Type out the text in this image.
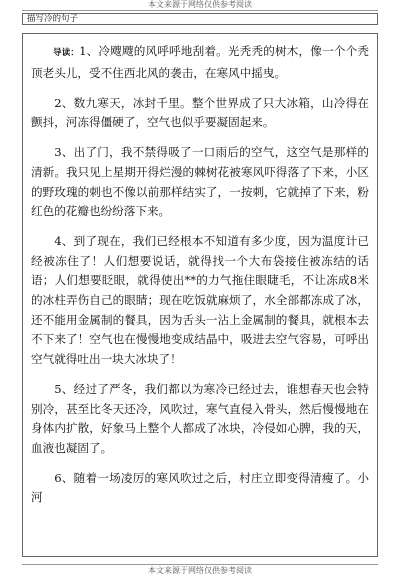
本文来源于网络仅供参考阅读
描写冷的句子

导读：1、冷飕飕的风呼呼地刮着。光秃秃的树木，像一个个秃顶老头儿，受不住西北风的袭击，在寒风中摇曳。

2、数九寒天，冰封千里。整个世界成了只大冰箱，山冷得在颤抖，河冻得僵硬了，空气也似乎要凝固起来。

3、出了门，我不禁得吸了一口雨后的空气，这空气是那样的清新。我只见上星期开得烂漫的棘树花被寒风吓得落了下来，小区的野玫瑰的刺也不像以前那样结实了，一按刺，它就掉了下来，粉红色的花瓣也纷纷落下来。

4、到了现在，我们已经根本不知道有多少度，因为温度计已经被冻住了！人们想要说话，就得找一个大布袋接住被冻结的话语；人们想要眨眼，就得使出**的力气拖住眼睫毛，不让冻成8米的冰柱弄伤自己的眼睛；现在吃饭就麻烦了，水全部都冻成了冰，还不能用金属制的餐具，因为舌头一沾上金属制的餐具，就根本去不下来了！空气也在慢慢地变成结晶中，吸进去空气容易，可呼出空气就得吐出一块大冰块了！

5、经过了严冬，我们都以为寒冷已经过去，谁想春天也会特别冷，甚至比冬天还冷，风吹过，寒气直侵入骨头，然后慢慢地在身体内扩散，好象马上整个人都成了冰块，冷侵如心脾，我的天，血液也凝固了。

6、随着一场凌厉的寒风吹过之后，村庄立即变得清瘦了。小河

本文来源于网络仅供参考阅读
